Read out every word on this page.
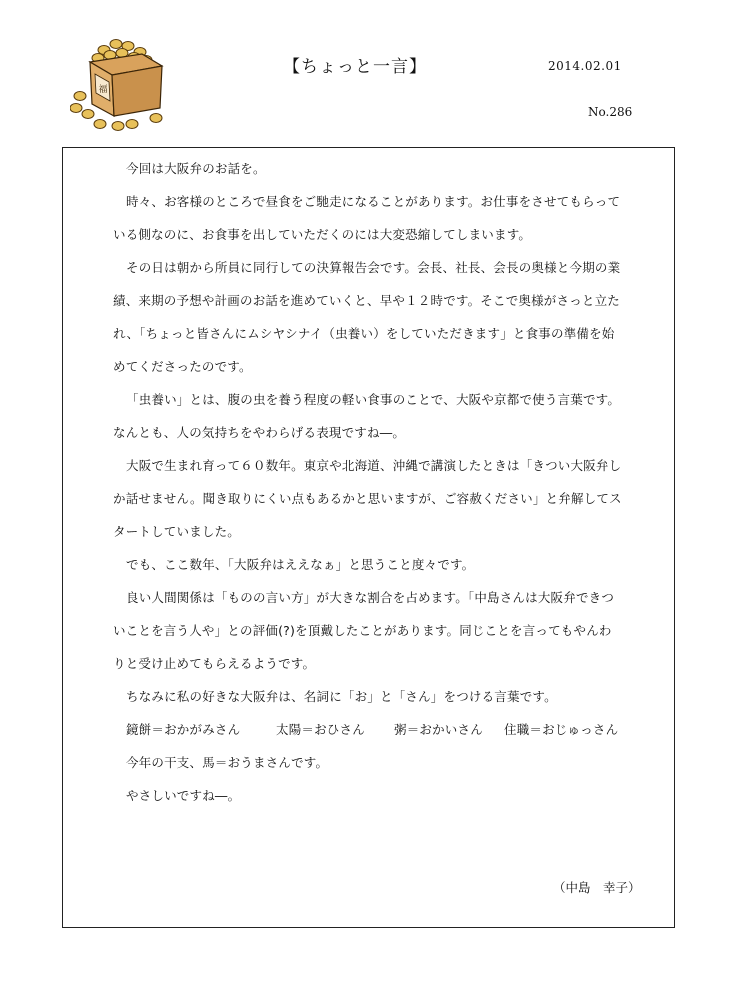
福
【ちょっと一言】	2014.02.01
No.286

今回は大阪弁のお話を。

時々、お客様のところで昼食をご馳走になることがあります。お仕事をさせてもらって

いる側なのに、お食事を出していただくのには大変恐縮してしまいます。

その日は朝から所員に同行しての決算報告会です。会長、社長、会長の奥様と今期の業

績、来期の予想や計画のお話を進めていくと、早や１２時です。そこで奥様がさっと立た

れ、「ちょっと皆さんにムシヤシナイ（虫養い）をしていただきます」と食事の準備を始

めてくださったのです。

「虫養い」とは、腹の虫を養う程度の軽い食事のことで、大阪や京都で使う言葉です。

なんとも、人の気持ちをやわらげる表現ですね―。

大阪で生まれ育って６０数年。東京や北海道、沖縄で講演したときは「きつい大阪弁し

か話せません。聞き取りにくい点もあるかと思いますが、ご容赦ください」と弁解してス

タートしていました。

でも、ここ数年、「大阪弁はええなぁ」と思うこと度々です。

良い人間関係は「ものの言い方」が大きな割合を占めます。「中島さんは大阪弁できつ

いことを言う人や」との評価(?)を頂戴したことがあります。同じことを言ってもやんわ

りと受け止めてもらえるようです。

ちなみに私の好きな大阪弁は、名詞に「お」と「さん」をつける言葉です。

鏡餅＝おかがみさん	太陽＝おひさん 粥＝おかいさん 住職＝おじゅっさん

今年の干支、馬＝おうまさんです。

やさしいですね―。

（中島　幸子）
